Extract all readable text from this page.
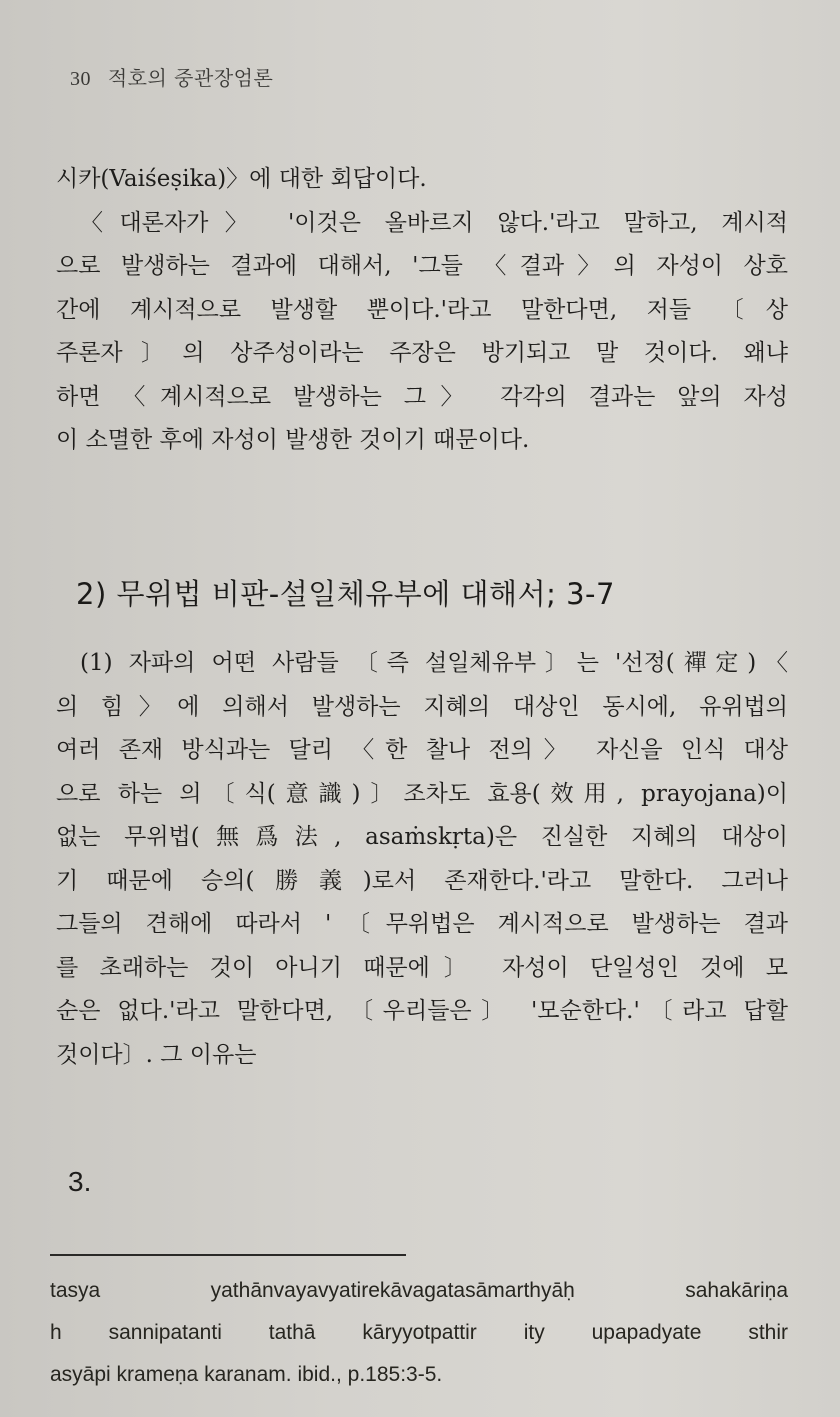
30 적호의 중관장엄론
시카(Vaiśeṣika)〉에 대한 회답이다.
〈대론자가〉 '이것은 올바르지 않다.'라고 말하고, 계시적
으로 발생하는 결과에 대해서, '그들 〈결과〉의 자성이 상호
간에 계시적으로 발생할 뿐이다.'라고 말한다면, 저들 〔상
주론자〕의 상주성이라는 주장은 방기되고 말 것이다. 왜냐
하면 〈계시적으로 발생하는 그〉 각각의 결과는 앞의 자성
이 소멸한 후에 자성이 발생한 것이기 때문이다.
2) 무위법 비판-설일체유부에 대해서; 3-7
(1) 자파의 어떤 사람들 〔즉 설일체유부〕는 '선정(禪定)〈
의 힘〉에 의해서 발생하는 지혜의 대상인 동시에, 유위법의
여러 존재 방식과는 달리 〈한 찰나 전의〉 자신을 인식 대상
으로 하는 의〔식(意識)〕조차도 효용(效用, prayojana)이
없는 무위법(無爲法, asaṁskṛta)은 진실한 지혜의 대상이
기 때문에 승의(勝義)로서 존재한다.'라고 말한다. 그러나
그들의 견해에 따라서 '〔무위법은 계시적으로 발생하는 결과
를 초래하는 것이 아니기 때문에〕 자성이 단일성인 것에 모
순은 없다.'라고 말한다면, 〔우리들은〕 '모순한다.'〔라고 답할
것이다〕. 그 이유는
3.
tasya yathānvayavyatirekāvagatasāmarthyāḥ sahakāriṇa
h sannipatanti tathā kāryyotpattir ity upapadyate sthir
asyāpi krameṇa karanam. ibid., p.185:3-5.
